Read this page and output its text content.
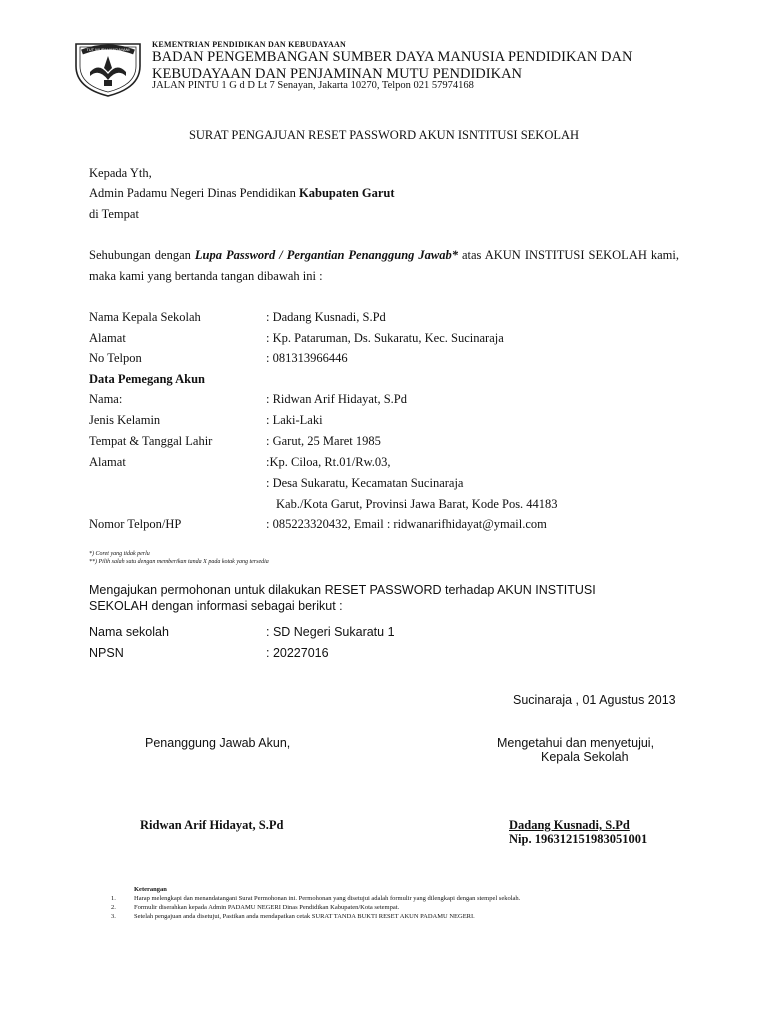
TUT WURI HANDAYANI
KEMENTRIAN PENDIDIKAN DAN KEBUDAYAAN
BADAN PENGEMBANGAN SUMBER DAYA MANUSIA PENDIDIKAN DAN
KEBUDAYAAN DAN PENJAMINAN MUTU PENDIDIKAN
JALAN PINTU 1 G d D Lt 7 Senayan, Jakarta 10270, Telpon 021 57974168
SURAT PENGAJUAN RESET PASSWORD AKUN ISNTITUSI SEKOLAH
Kepada Yth,
Admin Padamu Negeri Dinas Pendidikan Kabupaten Garut
di Tempat
Sehubungan dengan Lupa Password / Pergantian Penanggung Jawab* atas AKUN INSTITUSI SEKOLAH kami, maka kami yang bertanda tangan dibawah ini :
Nama Kepala Sekolah	: Dadang Kusnadi, S.Pd
Alamat	: Kp. Pataruman, Ds. Sukaratu, Kec. Sucinaraja
No Telpon	: 081313966446
Data Pemegang Akun
Nama:	: Ridwan Arif Hidayat, S.Pd
Jenis Kelamin	: Laki-Laki
Tempat & Tanggal Lahir	: Garut, 25 Maret 1985
Alamat	:Kp. Ciloa, Rt.01/Rw.03,
: Desa Sukaratu, Kecamatan Sucinaraja
Kab./Kota Garut, Provinsi Jawa Barat, Kode Pos. 44183
Nomor Telpon/HP	: 085223320432, Email : ridwanarifhidayat@ymail.com
*) Coret yang tidak perlu
**) Pilih salah satu dengan memberikan tanda X pada kotak yang tersedia
Mengajukan permohonan untuk dilakukan RESET PASSWORD terhadap AKUN INSTITUSI SEKOLAH dengan informasi sebagai berikut :
Nama sekolah	: SD Negeri Sukaratu 1
NPSN	: 20227016
Sucinaraja , 01 Agustus 2013
Penanggung Jawab Akun,	Mengetahui dan menyetujui,
Kepala Sekolah
Ridwan Arif Hidayat, S.Pd	Dadang Kusnadi, S.Pd
Nip. 196312151983051001
Keterangan
1.	Harap melengkapi dan menandatangani Surat Permohonan ini. Permohonan yang disetujui adalah formulir yang dilengkapi dengan stempel sekolah.
2.	Formulir diserahkan kepada Admin PADAMU NEGERI Dinas Pendidikan Kabupaten/Kota setempat.
3.	Setelah pengajuan anda disetujui, Pastikan anda mendapatkan cetak SURAT TANDA BUKTI RESET AKUN PADAMU NEGERI.
